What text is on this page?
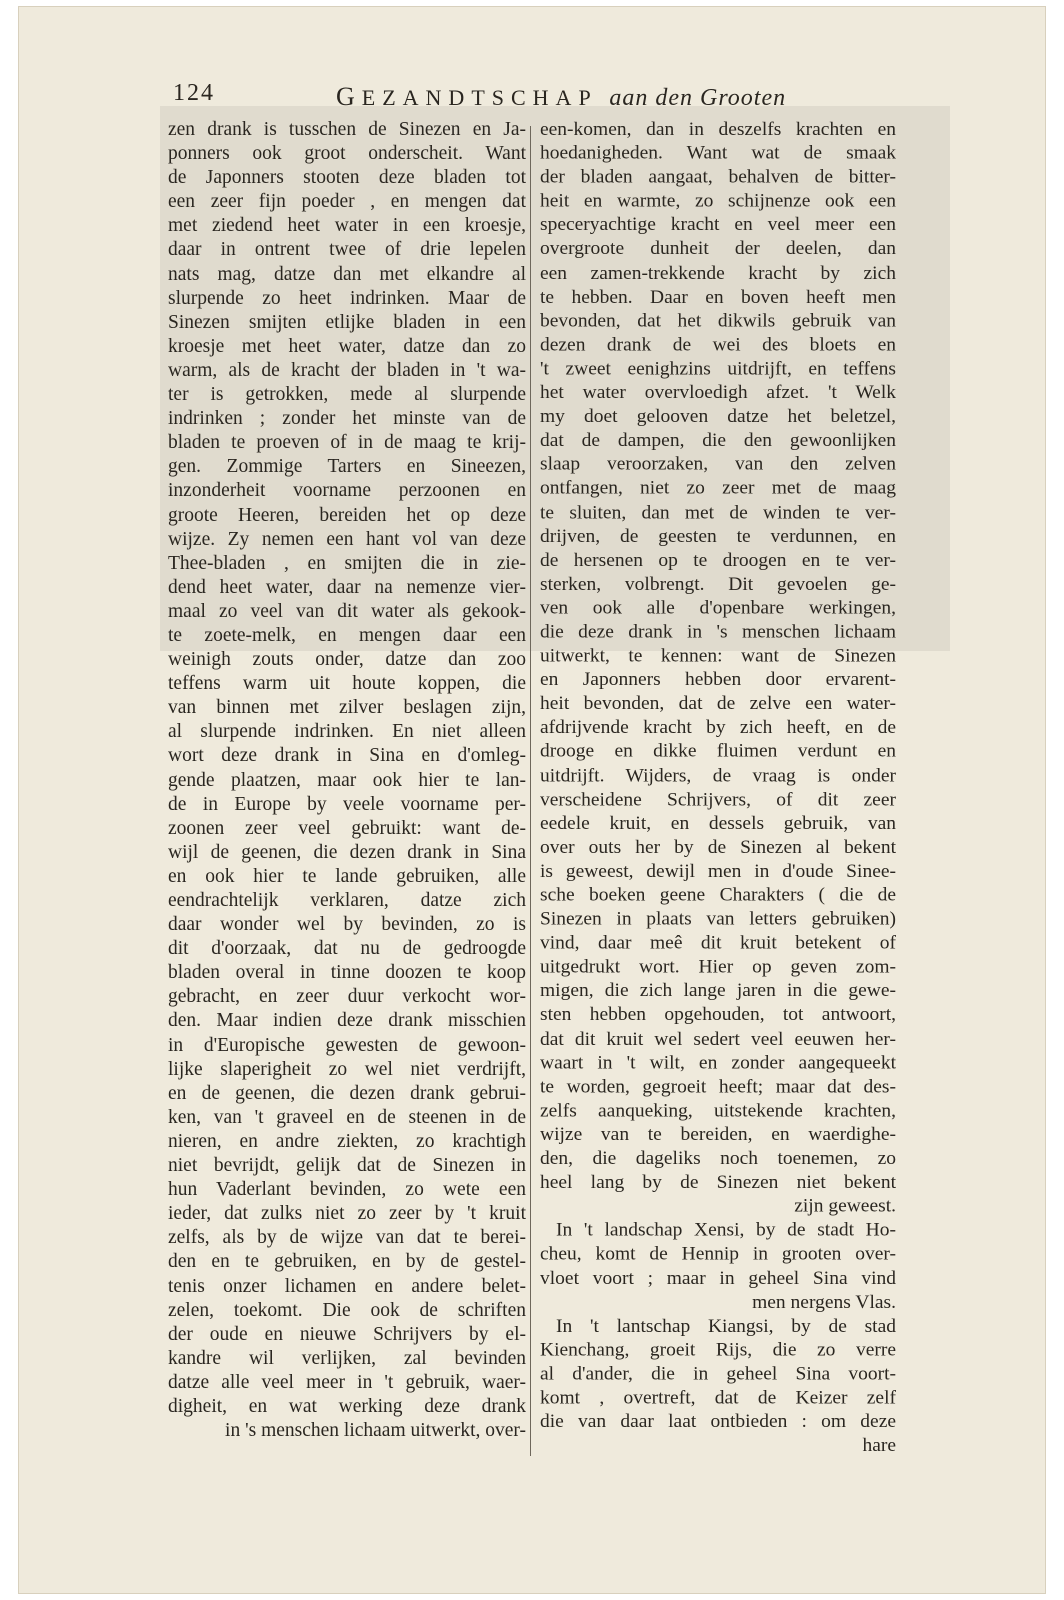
124	GEZANDTSCHAP aan den Grooten
zen drank is tusschen de Sinezen en Ja-
ponners ook groot onderscheit. Want
de Japonners stooten deze bladen tot
een zeer fijn poeder , en mengen dat
met ziedend heet water in een kroesje,
daar in ontrent twee of drie lepelen
nats mag, datze dan met elkandre al
slurpende zo heet indrinken. Maar de
Sinezen smijten etlijke bladen in een
kroesje met heet water, datze dan zo
warm, als de kracht der bladen in 't wa-
ter is getrokken, mede al slurpende
indrinken ; zonder het minste van de
bladen te proeven of in de maag te krij-
gen. Zommige Tarters en Sineezen,
inzonderheit voorname perzoonen en
groote Heeren, bereiden het op deze
wijze. Zy nemen een hant vol van deze
Thee-bladen , en smijten die in zie-
dend heet water, daar na nemenze vier-
maal zo veel van dit water als gekook-
te zoete-melk, en mengen daar een
weinigh zouts onder, datze dan zoo
teffens warm uit houte koppen, die
van binnen met zilver beslagen zijn,
al slurpende indrinken. En niet alleen
wort deze drank in Sina en d'omleg-
gende plaatzen, maar ook hier te lan-
de in Europe by veele voorname per-
zoonen zeer veel gebruikt: want de-
wijl de geenen, die dezen drank in Sina
en ook hier te lande gebruiken, alle
eendrachtelijk verklaren, datze zich
daar wonder wel by bevinden, zo is
dit d'oorzaak, dat nu de gedroogde
bladen overal in tinne doozen te koop
gebracht, en zeer duur verkocht wor-
den. Maar indien deze drank misschien
in d'Europische gewesten de gewoon-
lijke slaperigheit zo wel niet verdrijft,
en de geenen, die dezen drank gebrui-
ken, van 't graveel en de steenen in de
nieren, en andre ziekten, zo krachtigh
niet bevrijdt, gelijk dat de Sinezen in
hun Vaderlant bevinden, zo wete een
ieder, dat zulks niet zo zeer by 't kruit
zelfs, als by de wijze van dat te berei-
den en te gebruiken, en by de gestel-
tenis onzer lichamen en andere belet-
zelen, toekomt. Die ook de schriften
der oude en nieuwe Schrijvers by el-
kandre wil verlijken, zal bevinden
datze alle veel meer in 't gebruik, waer-
digheit, en wat werking deze drank
in 's menschen lichaam uitwerkt, over-
een-komen, dan in deszelfs krachten en
hoedanigheden. Want wat de smaak
der bladen aangaat, behalven de bitter-
heit en warmte, zo schijnenze ook een
speceryachtige kracht en veel meer een
overgroote dunheit der deelen, dan
een zamen-trekkende kracht by zich
te hebben. Daar en boven heeft men
bevonden, dat het dikwils gebruik van
dezen drank de wei des bloets en
't zweet eenighzins uitdrijft, en teffens
het water overvloedigh afzet. 't Welk
my doet gelooven datze het beletzel,
dat de dampen, die den gewoonlijken
slaap veroorzaken, van den zelven
ontfangen, niet zo zeer met de maag
te sluiten, dan met de winden te ver-
drijven, de geesten te verdunnen, en
de hersenen op te droogen en te ver-
sterken, volbrengt. Dit gevoelen ge-
ven ook alle d'openbare werkingen,
die deze drank in 's menschen lichaam
uitwerkt, te kennen: want de Sinezen
en Japonners hebben door ervarent-
heit bevonden, dat de zelve een water-
afdrijvende kracht by zich heeft, en de
drooge en dikke fluimen verdunt en
uitdrijft. Wijders, de vraag is onder
verscheidene Schrijvers, of dit zeer
eedele kruit, en dessels gebruik, van
over outs her by de Sinezen al bekent
is geweest, dewijl men in d'oude Sinee-
sche boeken geene Charakters ( die de
Sinezen in plaats van letters gebruiken)
vind, daar meê dit kruit betekent of
uitgedrukt wort. Hier op geven zom-
migen, die zich lange jaren in die gewe-
sten hebben opgehouden, tot antwoort,
dat dit kruit wel sedert veel eeuwen her-
waart in 't wilt, en zonder aangequeekt
te worden, gegroeit heeft; maar dat des-
zelfs aanqueking, uitstekende krachten,
wijze van te bereiden, en waerdighe-
den, die dageliks noch toenemen, zo
heel lang by de Sinezen niet bekent
zijn geweest.
In 't landschap Xensi, by de stadt Ho-
cheu, komt de Hennip in grooten over-
vloet voort ; maar in geheel Sina vind
men nergens Vlas.
In 't lantschap Kiangsi, by de stad
Kienchang, groeit Rijs, die zo verre
al d'ander, die in geheel Sina voort-
komt , overtreft, dat de Keizer zelf
die van daar laat ontbieden : om deze
hare
